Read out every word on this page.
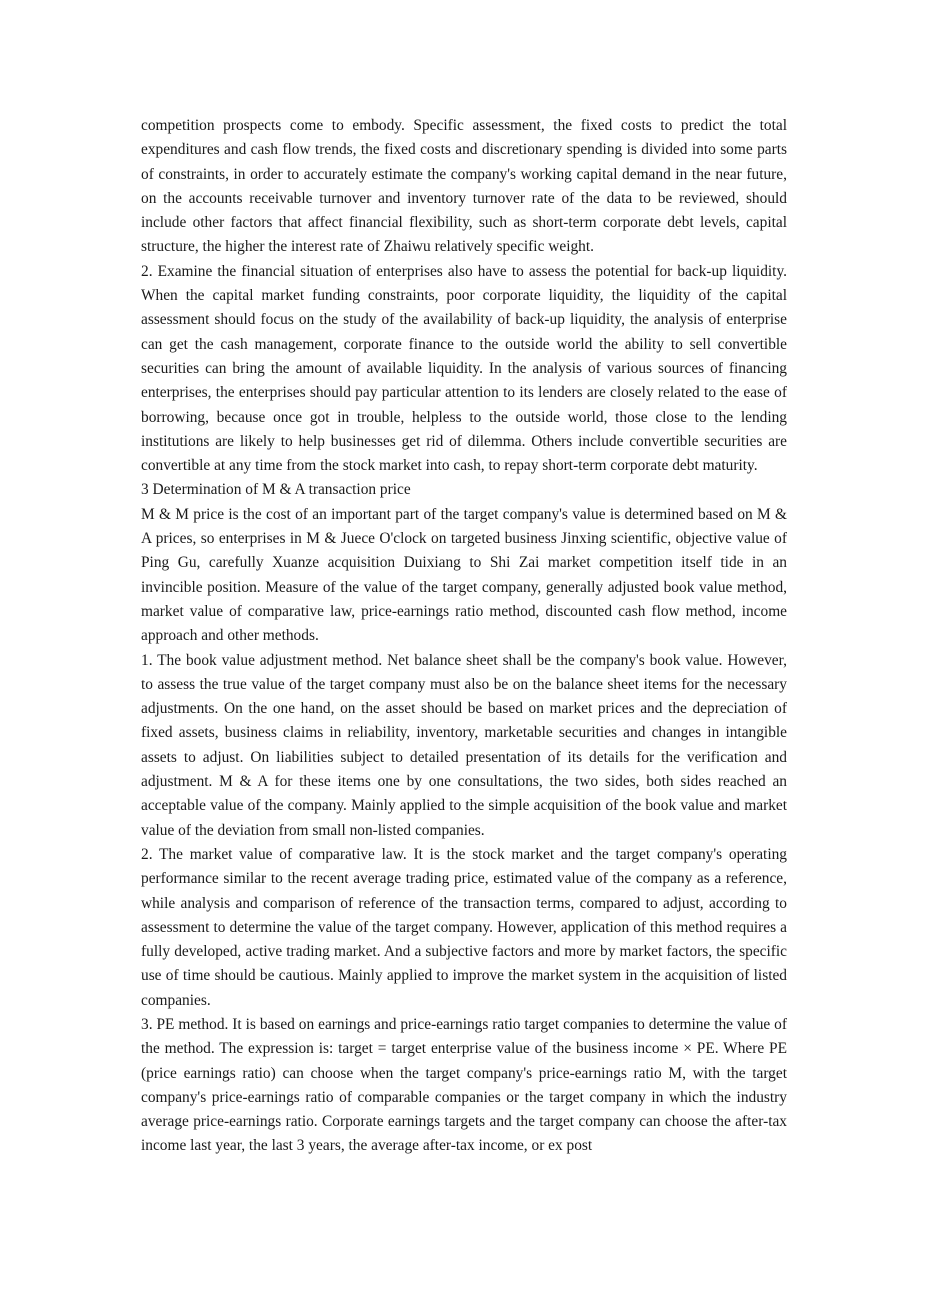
competition prospects come to embody. Specific assessment, the fixed costs to predict the total expenditures and cash flow trends, the fixed costs and discretionary spending is divided into some parts of constraints, in order to accurately estimate the company's working capital demand in the near future, on the accounts receivable turnover and inventory turnover rate of the data to be reviewed, should include other factors that affect financial flexibility, such as short-term corporate debt levels, capital structure, the higher the interest rate of Zhaiwu relatively specific weight.

2. Examine the financial situation of enterprises also have to assess the potential for back-up liquidity. When the capital market funding constraints, poor corporate liquidity, the liquidity of the capital assessment should focus on the study of the availability of back-up liquidity, the analysis of enterprise can get the cash management, corporate finance to the outside world the ability to sell convertible securities can bring the amount of available liquidity. In the analysis of various sources of financing enterprises, the enterprises should pay particular attention to its lenders are closely related to the ease of borrowing, because once got in trouble, helpless to the outside world, those close to the lending institutions are likely to help businesses get rid of dilemma. Others include convertible securities are convertible at any time from the stock market into cash, to repay short-term corporate debt maturity.

3 Determination of M & A transaction price

M & M price is the cost of an important part of the target company's value is determined based on M & A prices, so enterprises in M & Juece O'clock on targeted business Jinxing scientific, objective value of Ping Gu, carefully Xuanze acquisition Duixiang to Shi Zai market competition itself tide in an invincible position. Measure of the value of the target company, generally adjusted book value method, market value of comparative law, price-earnings ratio method, discounted cash flow method, income approach and other methods.

1. The book value adjustment method. Net balance sheet shall be the company's book value. However, to assess the true value of the target company must also be on the balance sheet items for the necessary adjustments. On the one hand, on the asset should be based on market prices and the depreciation of fixed assets, business claims in reliability, inventory, marketable securities and changes in intangible assets to adjust. On liabilities subject to detailed presentation of its details for the verification and adjustment. M & A for these items one by one consultations, the two sides, both sides reached an acceptable value of the company. Mainly applied to the simple acquisition of the book value and market value of the deviation from small non-listed companies.

2. The market value of comparative law. It is the stock market and the target company's operating performance similar to the recent average trading price, estimated value of the company as a reference, while analysis and comparison of reference of the transaction terms, compared to adjust, according to assessment to determine the value of the target company. However, application of this method requires a fully developed, active trading market. And a subjective factors and more by market factors, the specific use of time should be cautious. Mainly applied to improve the market system in the acquisition of listed companies.

3. PE method. It is based on earnings and price-earnings ratio target companies to determine the value of the method. The expression is: target = target enterprise value of the business income × PE. Where PE (price earnings ratio) can choose when the target company's price-earnings ratio M, with the target company's price-earnings ratio of comparable companies or the target company in which the industry average price-earnings ratio. Corporate earnings targets and the target company can choose the after-tax income last year, the last 3 years, the average after-tax income, or ex post
